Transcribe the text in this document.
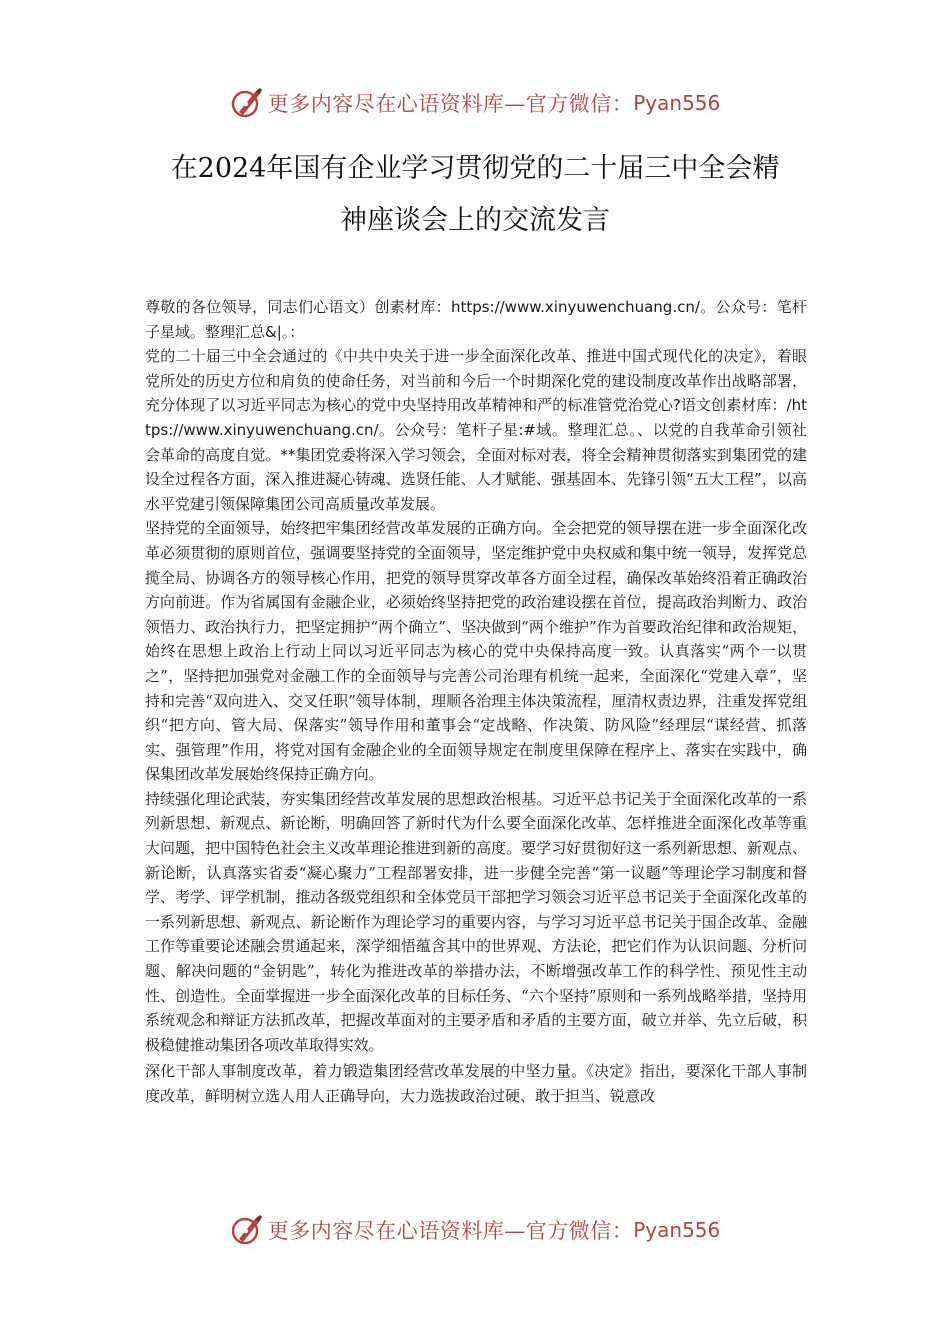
更多内容尽在心语资料库—官方微信： Pyan556
在2024年国有企业学习贯彻党的二十届三中全会精
神座谈会上的交流发言

尊敬的各位领导，同志们心语文）创素材库：https://www.xinyuwenchuang.cn/。公众号：笔杆子星域。整理汇总&|。：

党的二十届三中全会通过的《中共中央关于进一步全面深化改革、推进中国式现代化的决定》，着眼党所处的历史方位和肩负的使命任务，对当前和今后一个时期深化党的建设制度改革作出战略部署，充分体现了以习近平同志为核心的党中央坚持用改革精神和严的标准管党治党心?语文创素材库：/https://www.xinyuwenchuang.cn/。公众号：笔杆子星:#域。整理汇总。、以党的自我革命引领社会革命的高度自觉。**集团党委将深入学习领会，全面对标对表，将全会精神贯彻落实到集团党的建设全过程各方面，深入推进凝心铸魂、选贤任能、人才赋能、强基固本、先锋引领“五大工程”，以高水平党建引领保障集团公司高质量改革发展。

坚持党的全面领导，始终把牢集团经营改革发展的正确方向。全会把党的领导摆在进一步全面深化改革必须贯彻的原则首位，强调要坚持党的全面领导，坚定维护党中央权威和集中统一领导，发挥党总揽全局、协调各方的领导核心作用，把党的领导贯穿改革各方面全过程，确保改革始终沿着正确政治方向前进。作为省属国有金融企业，必须始终坚持把党的政治建设摆在首位，提高政治判断力、政治领悟力、政治执行力，把坚定拥护“两个确立”、坚决做到“两个维护”作为首要政治纪律和政治规矩，始终在思想上政治上行动上同以习近平同志为核心的党中央保持高度一致。认真落实“两个一以贯之”，坚持把加强党对金融工作的全面领导与完善公司治理有机统一起来，全面深化“党建入章”，坚持和完善“双向进入、交叉任职”领导体制，理顺各治理主体决策流程，厘清权责边界，注重发挥党组织“把方向、管大局、保落实”领导作用和董事会“定战略、作决策、防风险”经理层“谋经营、抓落实、强管理”作用，将党对国有金融企业的全面领导规定在制度里保障在程序上、落实在实践中，确保集团改革发展始终保持正确方向。

持续强化理论武装，夯实集团经营改革发展的思想政治根基。习近平总书记关于全面深化改革的一系列新思想、新观点、新论断，明确回答了新时代为什么要全面深化改革、怎样推进全面深化改革等重大问题，把中国特色社会主义改革理论推进到新的高度。要学习好贯彻好这一系列新思想、新观点、新论断，认真落实省委“凝心聚力”工程部署安排，进一步健全完善“第一议题”等理论学习制度和督学、考学、评学机制，推动各级党组织和全体党员干部把学习领会习近平总书记关于全面深化改革的一系列新思想、新观点、新论断作为理论学习的重要内容，与学习习近平总书记关于国企改革、金融工作等重要论述融会贯通起来，深学细悟蕴含其中的世界观、方法论，把它们作为认识问题、分析问题、解决问题的“金钥匙”，转化为推进改革的举措办法，不断增强改革工作的科学性、预见性主动性、创造性。全面掌握进一步全面深化改革的目标任务、“六个坚持”原则和一系列战略举措，坚持用系统观念和辩证方法抓改革，把握改革面对的主要矛盾和矛盾的主要方面，破立并举、先立后破，积极稳健推动集团各项改革取得实效。

深化干部人事制度改革，着力锻造集团经营改革发展的中坚力量。《决定》指出，要深化干部人事制度改革，鲜明树立选人用人正确导向，大力选拔政治过硬、敢于担当、锐意改

更多内容尽在心语资料库—官方微信： Pyan556
